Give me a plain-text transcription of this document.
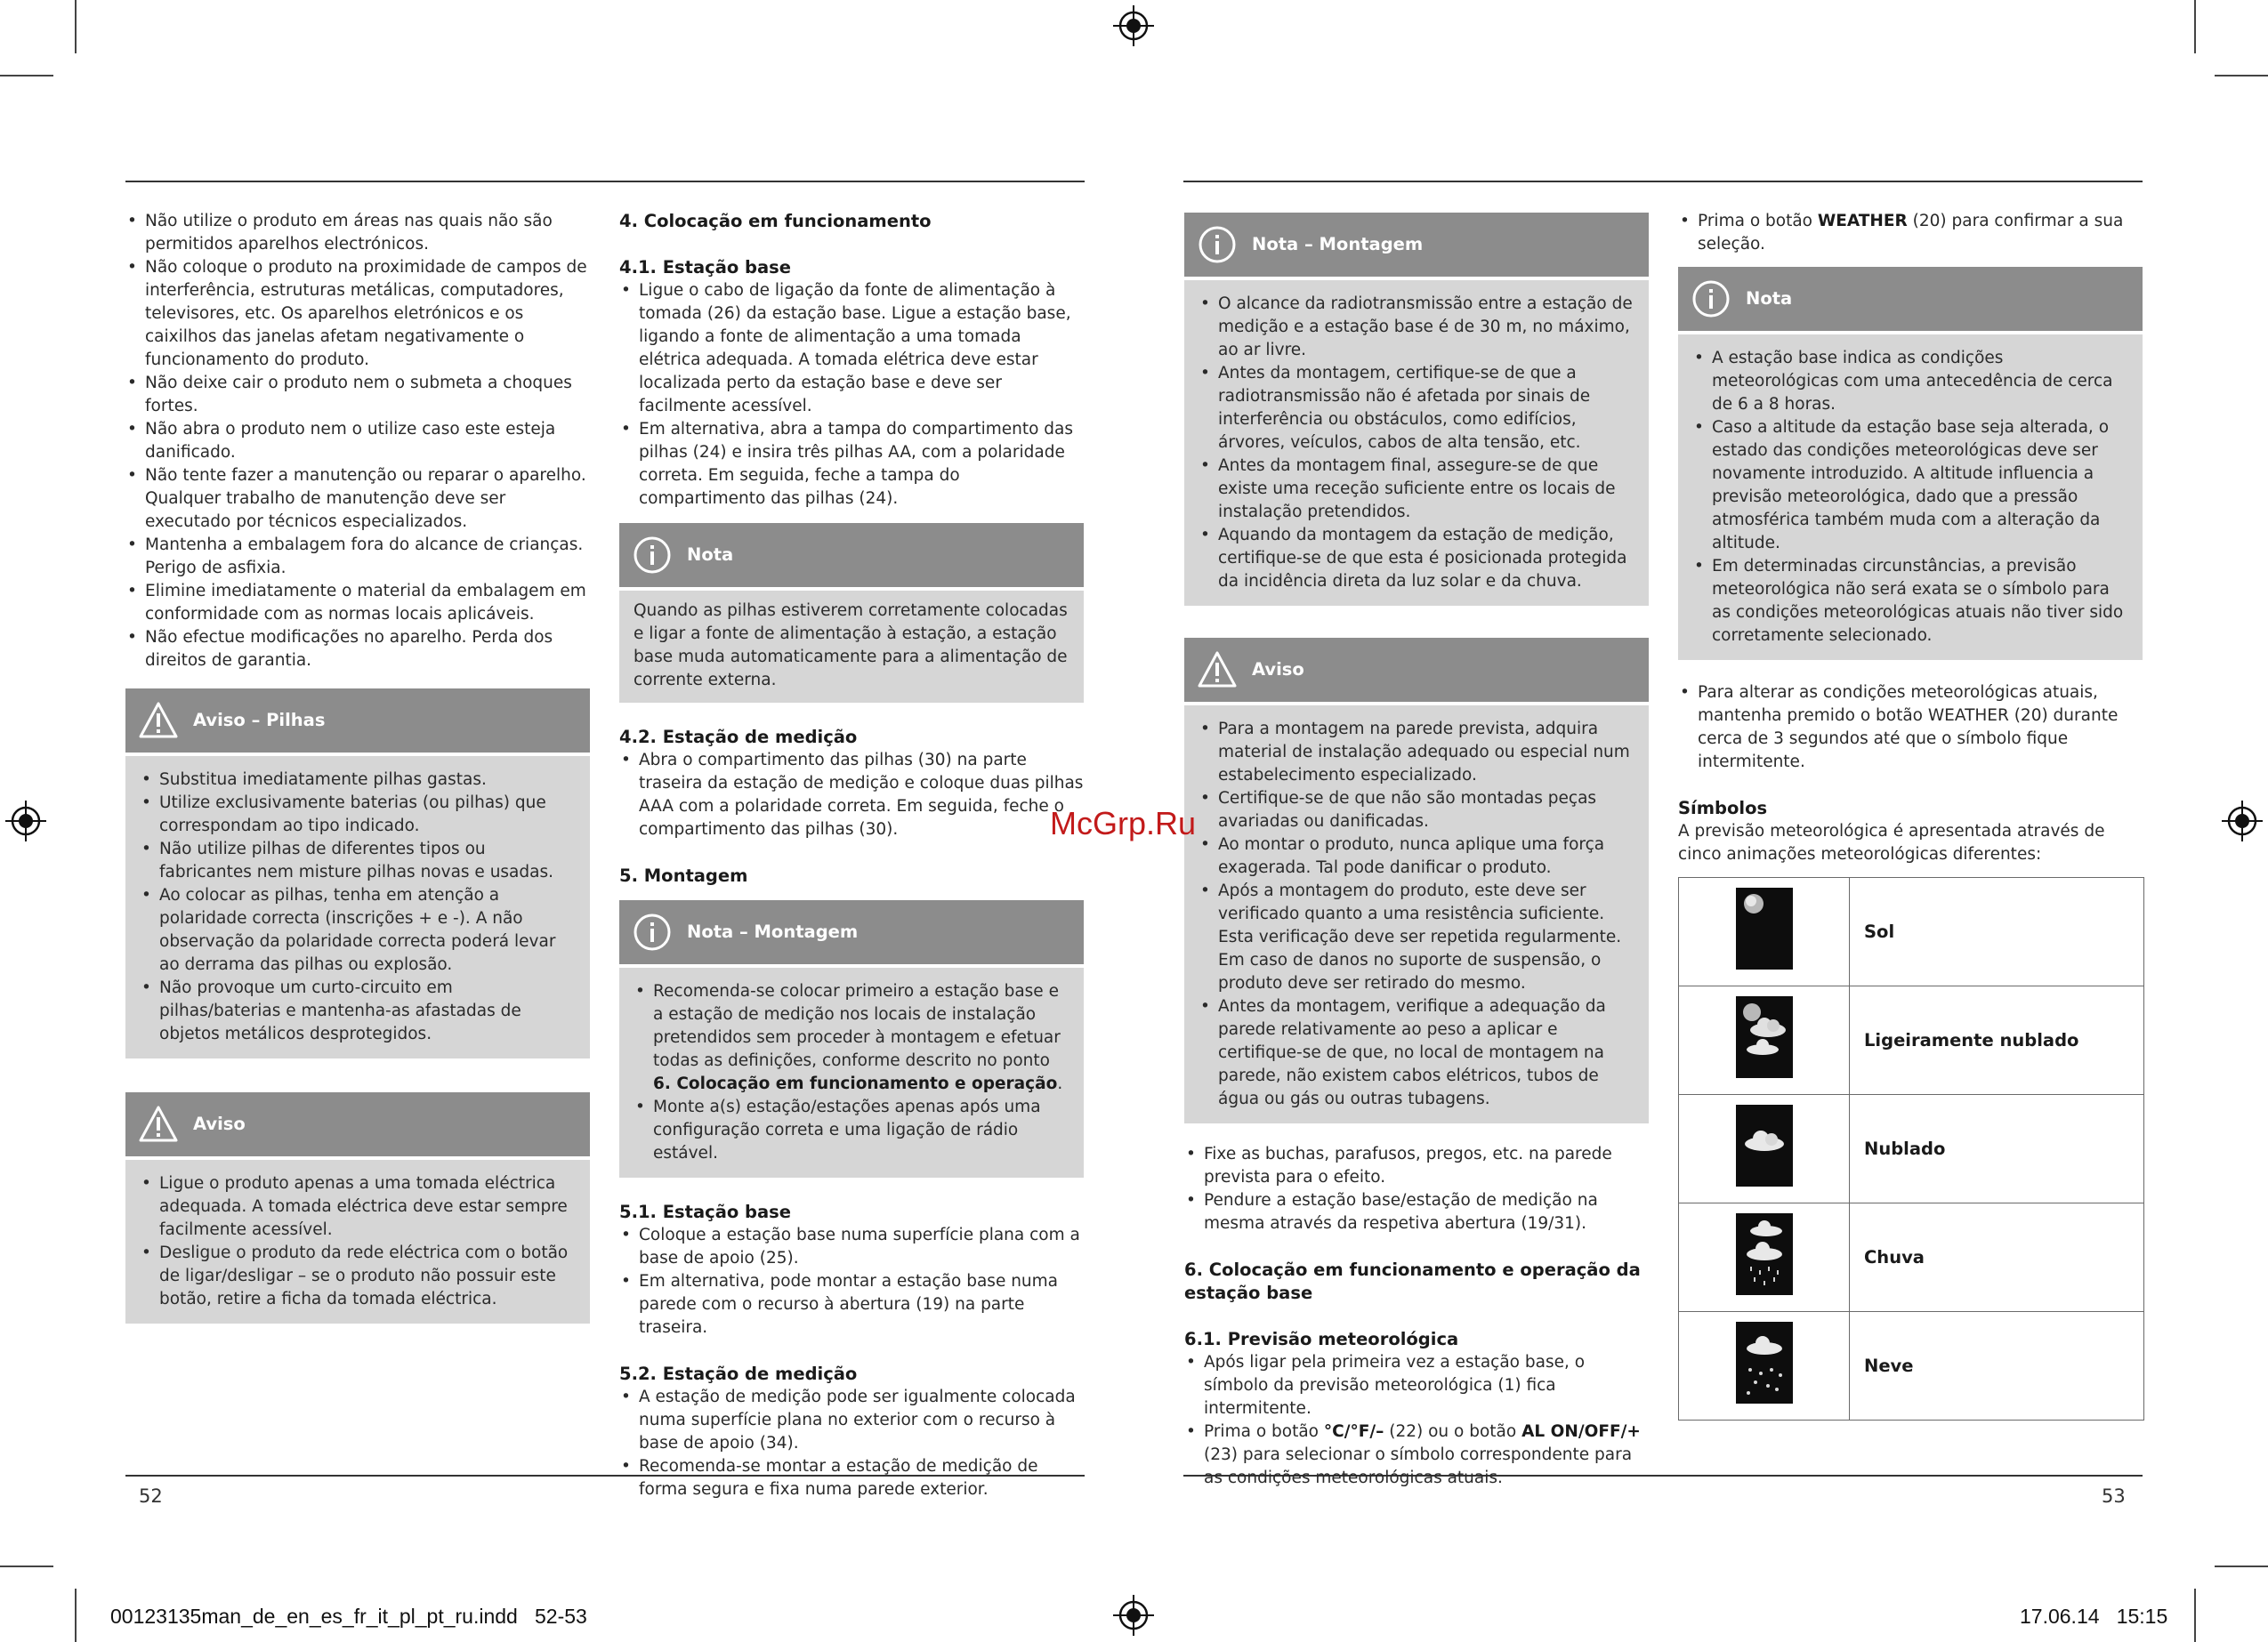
• Não utilize o produto em áreas nas quais não são permitidos aparelhos electrónicos.
• Não coloque o produto na proximidade de campos de interferência, estruturas metálicas, computadores, televisores, etc. Os aparelhos eletrónicos e os caixilhos das janelas afetam negativamente o funcionamento do produto.
• Não deixe cair o produto nem o submeta a choques fortes.
• Não abra o produto nem o utilize caso este esteja danificado.
• Não tente fazer a manutenção ou reparar o aparelho. Qualquer trabalho de manutenção deve ser executado por técnicos especializados.
• Mantenha a embalagem fora do alcance de crianças. Perigo de asfixia.
• Elimine imediatamente o material da embalagem em conformidade com as normas locais aplicáveis.
• Não efectue modificações no aparelho. Perda dos direitos de garantia.
Aviso – Pilhas
• Substitua imediatamente pilhas gastas.
• Utilize exclusivamente baterias (ou pilhas) que correspondam ao tipo indicado.
• Não utilize pilhas de diferentes tipos ou fabricantes nem misture pilhas novas e usadas.
• Ao colocar as pilhas, tenha em atenção a polaridade correcta (inscrições + e -). A não observação da polaridade correcta poderá levar ao derrama das pilhas ou explosão.
• Não provoque um curto-circuito em pilhas/baterias e mantenha-as afastadas de objetos metálicos desprotegidos.
Aviso
• Ligue o produto apenas a uma tomada eléctrica adequada. A tomada eléctrica deve estar sempre facilmente acessível.
• Desligue o produto da rede eléctrica com o botão de ligar/desligar – se o produto não possuir este botão, retire a ficha da tomada eléctrica.
4. Colocação em funcionamento
4.1. Estação base
• Ligue o cabo de ligação da fonte de alimentação à tomada (26) da estação base. Ligue a estação base, ligando a fonte de alimentação a uma tomada elétrica adequada. A tomada elétrica deve estar localizada perto da estação base e deve ser facilmente acessível.
• Em alternativa, abra a tampa do compartimento das pilhas (24) e insira três pilhas AA, com a polaridade correta. Em seguida, feche a tampa do compartimento das pilhas (24).
Nota
Quando as pilhas estiverem corretamente colocadas e ligar a fonte de alimentação à estação, a estação base muda automaticamente para a alimentação de corrente externa.
4.2. Estação de medição
• Abra o compartimento das pilhas (30) na parte traseira da estação de medição e coloque duas pilhas AAA com a polaridade correta. Em seguida, feche o compartimento das pilhas (30).
5. Montagem
Nota – Montagem
• Recomenda-se colocar primeiro a estação base e a estação de medição nos locais de instalação pretendidos sem proceder à montagem e efetuar todas as definições, conforme descrito no ponto 6. Colocação em funcionamento e operação.
• Monte a(s) estação/estações apenas após uma configuração correta e uma ligação de rádio estável.
5.1. Estação base
• Coloque a estação base numa superfície plana com a base de apoio (25).
• Em alternativa, pode montar a estação base numa parede com o recurso à abertura (19) na parte traseira.
5.2. Estação de medição
• A estação de medição pode ser igualmente colocada numa superfície plana no exterior com o recurso à base de apoio (34).
• Recomenda-se montar a estação de medição de forma segura e fixa numa parede exterior.
Nota – Montagem
• O alcance da radiotransmissão entre a estação de medição e a estação base é de 30 m, no máximo, ao ar livre.
• Antes da montagem, certifique-se de que a radiotransmissão não é afetada por sinais de interferência ou obstáculos, como edifícios, árvores, veículos, cabos de alta tensão, etc.
• Antes da montagem final, assegure-se de que existe uma receção suficiente entre os locais de instalação pretendidos.
• Aquando da montagem da estação de medição, certifique-se de que esta é posicionada protegida da incidência direta da luz solar e da chuva.
Aviso
• Para a montagem na parede prevista, adquira material de instalação adequado ou especial num estabelecimento especializado.
• Certifique-se de que não são montadas peças avariadas ou danificadas.
• Ao montar o produto, nunca aplique uma força exagerada. Tal pode danificar o produto.
• Após a montagem do produto, este deve ser verificado quanto a uma resistência suficiente. Esta verificação deve ser repetida regularmente. Em caso de danos no suporte de suspensão, o produto deve ser retirado do mesmo.
• Antes da montagem, verifique a adequação da parede relativamente ao peso a aplicar e certifique-se de que, no local de montagem na parede, não existem cabos elétricos, tubos de água ou gás ou outras tubagens.
• Fixe as buchas, parafusos, pregos, etc. na parede prevista para o efeito.
• Pendure a estação base/estação de medição na mesma através da respetiva abertura (19/31).
6. Colocação em funcionamento e operação da estação base
6.1. Previsão meteorológica
• Após ligar pela primeira vez a estação base, o símbolo da previsão meteorológica (1) fica intermitente.
• Prima o botão °C/°F/– (22) ou o botão AL ON/OFF/+ (23) para selecionar o símbolo correspondente para as condições meteorológicas atuais.
• Prima o botão WEATHER (20) para confirmar a sua seleção.
Nota
• A estação base indica as condições meteorológicas com uma antecedência de cerca de 6 a 8 horas.
• Caso a altitude da estação base seja alterada, o estado das condições meteorológicas deve ser novamente introduzido. A altitude influencia a previsão meteorológica, dado que a pressão atmosférica também muda com a alteração da altitude.
• Em determinadas circunstâncias, a previsão meteorológica não será exata se o símbolo para as condições meteorológicas atuais não tiver sido corretamente selecionado.
• Para alterar as condições meteorológicas atuais, mantenha premido o botão WEATHER (20) durante cerca de 3 segundos até que o símbolo fique intermitente.
Símbolos
A previsão meteorológica é apresentada através de cinco animações meteorológicas diferentes:
	Sol
	Ligeiramente nublado
	Nublado
	Chuva
	Neve
McGrp.Ru
52	53
00123135man_de_en_es_fr_it_pl_pt_ru.indd   52-53	17.06.14   15:15
